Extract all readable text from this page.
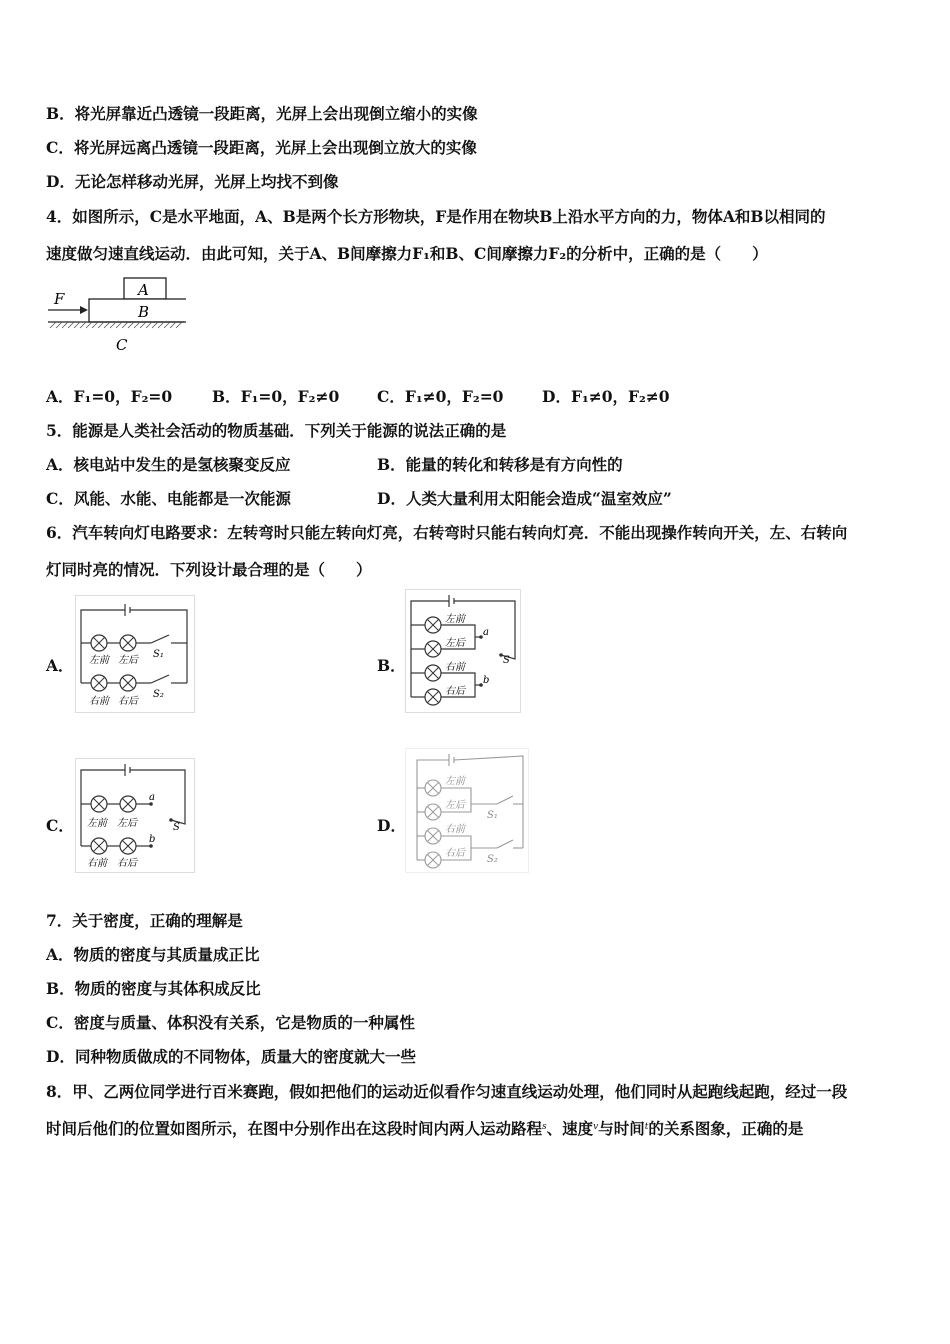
B．将光屏靠近凸透镜一段距离，光屏上会出现倒立缩小的实像
C．将光屏远离凸透镜一段距离，光屏上会出现倒立放大的实像
D．无论怎样移动光屏，光屏上均找不到像
4．如图所示，C是水平地面，A、B是两个长方形物块，F是作用在物块B上沿水平方向的力，物体A和B以相同的
速度做匀速直线运动．由此可知，关于A、B间摩擦力F₁和B、C间摩擦力F₂的分析中，正确的是（　　）
F	A
B
C
A．F₁=0，F₂=0	B．F₁=0，F₂≠0 C．F₁≠0，F₂=0 D．F₁≠0，F₂≠0
5．能源是人类社会活动的物质基础．下列关于能源的说法正确的是
A．核电站中发生的是氢核聚变反应	B．能量的转化和转移是有方向性的
C．风能、水能、电能都是一次能源	D．人类大量利用太阳能会造成“温室效应”
6．汽车转向灯电路要求：左转弯时只能左转向灯亮，右转弯时只能右转向灯亮．不能出现操作转向开关，左、右转向
灯同时亮的情况．下列设计最合理的是（　　）
A．	B．
C．	D．
左前 左后
右前 右后
S₁
S₂
左前
左后
右前
右后
a
b
S
左前 左后
右前 右后
a
b
S
左前
左后
右前
右后
S₁
S₂
7．关于密度，正确的理解是
A．物质的密度与其质量成正比
B．物质的密度与其体积成反比
C．密度与质量、体积没有关系，它是物质的一种属性
D．同种物质做成的不同物体，质量大的密度就大一些
8．甲、乙两位同学进行百米赛跑，假如把他们的运动近似看作匀速直线运动处理，他们同时从起跑线起跑，经过一段
时间后他们的位置如图所示，在图中分别作出在这段时间内两人运动路程$^s$、速度$^v$与时间$^t$的关系图象，正确的是
